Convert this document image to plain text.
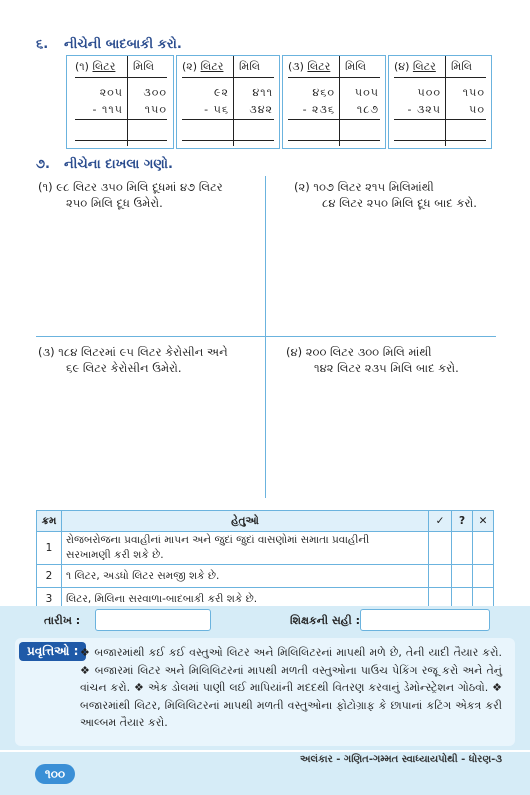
૬. નીચેની બાદબાકી કરો.
(૧) લિટર મિલિ
૨૦૫	૩૦૦
- ૧૧૫	૧૫૦
(૨) લિટર મિલિ
૯૨	૪૧૧
- ૫૬	૩૪૨
(૩) લિટર મિલિ
૪૬૦	૫૦૫
- ૨૩૬	૧૮૭
(૪) લિટર મિલિ
૫૦૦	૧૫૦
- ૩૨૫	૫૦
૭. નીચેના દાખલા ગણો.
(૧) ૯૮ લિટર ૩૫૦ મિલિ દૂધમાં ૪૭ લિટર
૨૫૦ મિલિ દૂધ ઉમેરો.
(૨) ૧૦૭ લિટર ૨૧૫ મિલિમાંથી
૮૪ લિટર ૨૫૦ મિલિ દૂધ બાદ કરો.
(૩) ૧૮૪ લિટરમાં ૯૫ લિટર કેરોસીન અને
૬૯ લિટર કેરોસીન ઉમેરો.
(૪) ૨૦૦ લિટર ૩૦૦ મિલિ માંથી
૧૪૨ લિટર ૨૩૫ મિલિ બાદ કરો.
ક્રમ	હેતુઓ	✓	?	✕
1	રોજબરોજના પ્રવાહીનાં માપન અને જુદાં જુદાં વાસણોમાં સમાતા પ્રવાહીની
સરખામણી કરી શકે છે.			
2	૧ લિટર, અડધો લિટર સમજી શકે છે.			
3	લિટર, મિલિના સરવાળા-બાદબાકી કરી શકે છે.			
તારીખ :	શિક્ષકની સહી :
પ્રવૃત્તિઓ : ❖ બજારમાંથી કઈ કઈ વસ્તુઓ લિટર અને મિલિલિટરનાં માપથી મળે છે, તેની યાદી તૈયાર કરો. ❖ બજારમાં લિટર અને મિલિલિટરનાં માપથી મળતી વસ્તુઓના પાઉચ પેકિંગ રજૂ કરો અને તેનું વાંચન કરો. ❖ એક ડોલમાં પાણી લઈ માપિયાંની મદદથી વિતરણ કરવાનું ડેમોન્સ્ટ્રેશન ગોઠવો. ❖ બજારમાંથી લિટર, મિલિલિટરનાં માપથી મળતી વસ્તુઓના ફોટોગ્રાફ કે છાપાનાં કટિંગ એકત્ર કરી આલ્બમ તૈયાર કરો.
૧૦૦
અલંકાર - ગણિત-ગમ્મત સ્વાધ્યાયપોથી - ધોરણ-૩
